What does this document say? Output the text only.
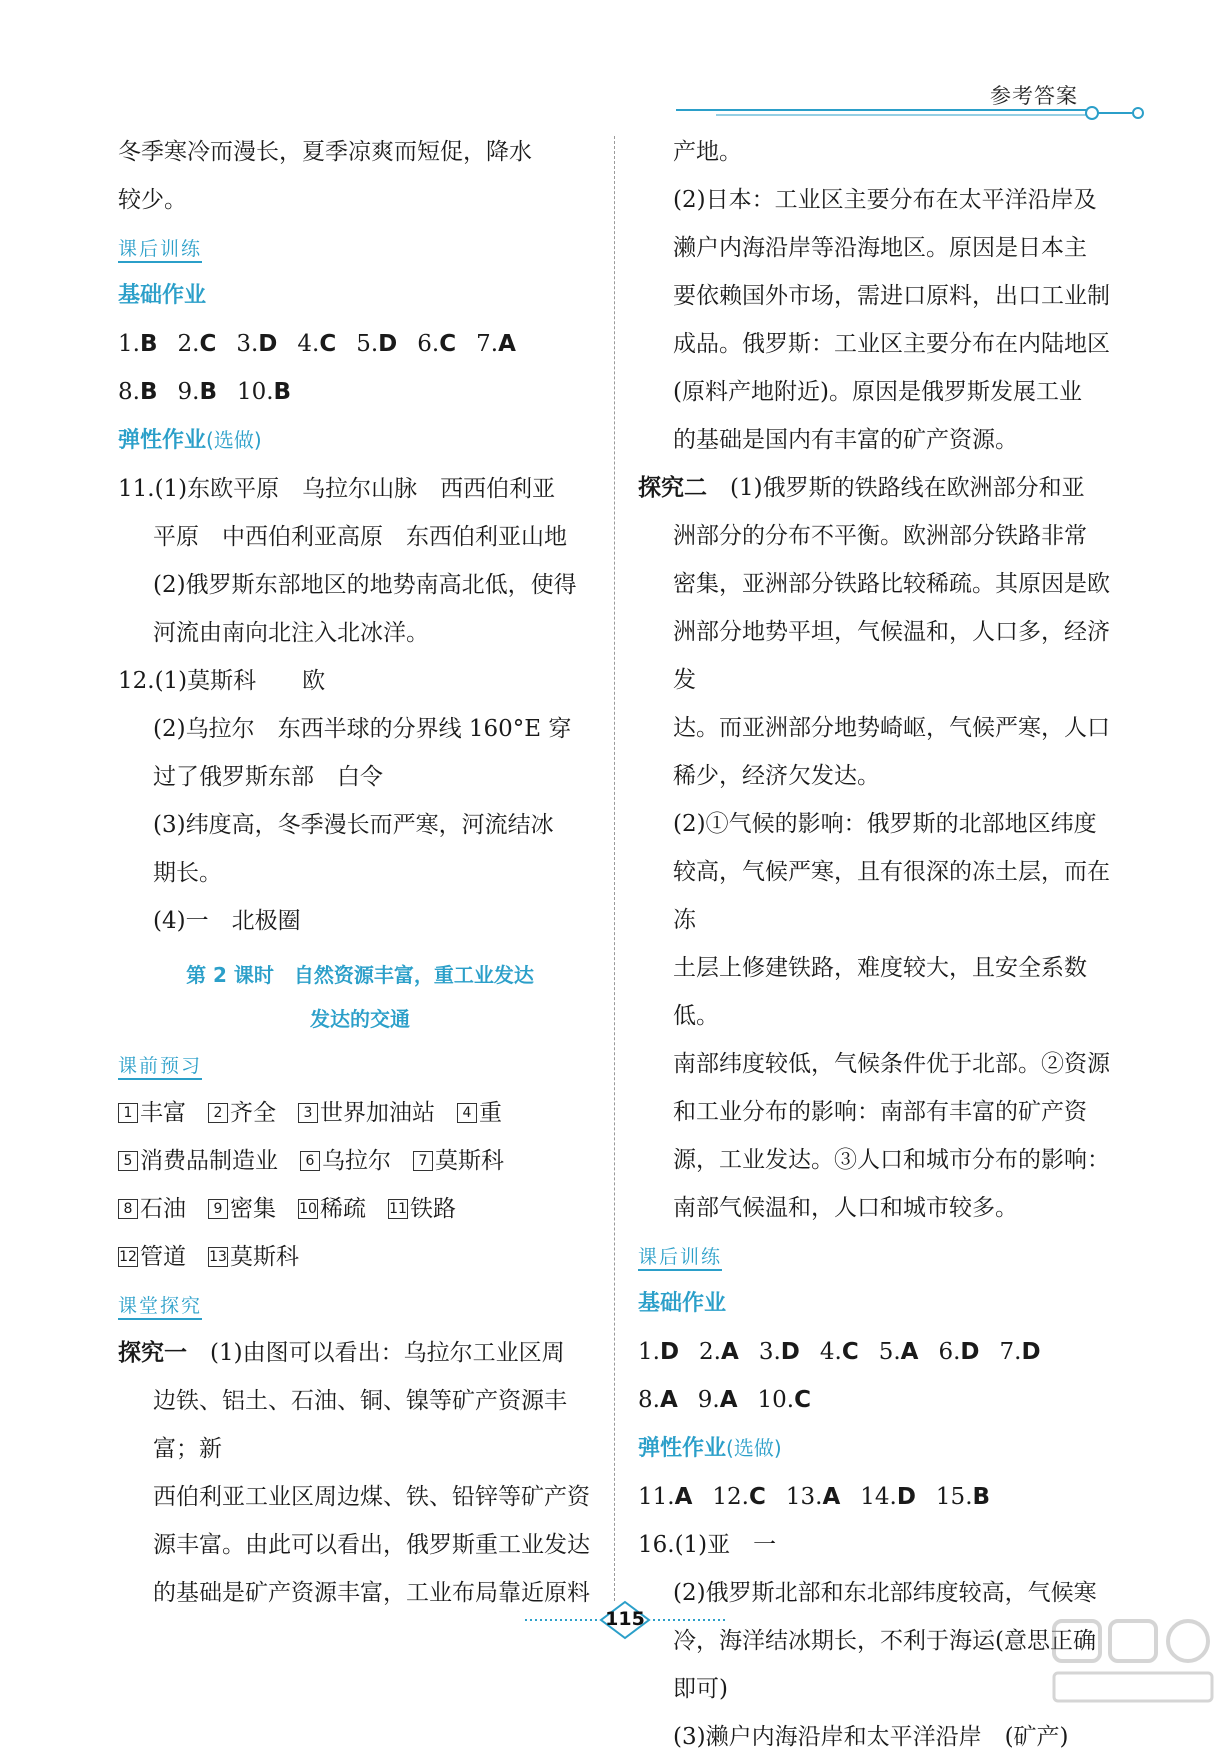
参考答案

冬季寒冷而漫长，夏季凉爽而短促，降水

较少。

课后训练

基础作业

1.B 2.C 3.D 4.C 5.D 6.C 7.A

8.B 9.B 10.B

弹性作业(选做)

11.(1)东欧平原　乌拉尔山脉　西西伯利亚

平原　中西伯利亚高原　东西伯利亚山地

(2)俄罗斯东部地区的地势南高北低，使得

河流由南向北注入北冰洋。

12.(1)莫斯科　　欧

(2)乌拉尔　东西半球的分界线 160°E 穿

过了俄罗斯东部　白令

(3)纬度高，冬季漫长而严寒，河流结冰

期长。

(4)一　北极圈

第 2 课时　自然资源丰富，重工业发达

发达的交通

课前预习

1 丰富 2 齐全 3 世界加油站 4 重

5 消费品制造业 6 乌拉尔 7 莫斯科

8 石油 9 密集 10 稀疏 11 铁路

12 管道 13 莫斯科

课堂探究

探究一　 (1)由图可以看出：乌拉尔工业区周

边铁、铝土、石油、铜、镍等矿产资源丰富；新

西伯利亚工业区周边煤、铁、铅锌等矿产资

源丰富。由此可以看出，俄罗斯重工业发达

的基础是矿产资源丰富，工业布局靠近原料

产地。

(2)日本：工业区主要分布在太平洋沿岸及

濑户内海沿岸等沿海地区。原因是日本主

要依赖国外市场，需进口原料，出口工业制

成品。俄罗斯：工业区主要分布在内陆地区

(原料产地附近)。原因是俄罗斯发展工业

的基础是国内有丰富的矿产资源。

探究二　 (1)俄罗斯的铁路线在欧洲部分和亚

洲部分的分布不平衡。欧洲部分铁路非常

密集，亚洲部分铁路比较稀疏。其原因是欧

洲部分地势平坦，气候温和，人口多，经济发

达。而亚洲部分地势崎岖，气候严寒，人口

稀少，经济欠发达。

(2)①气候的影响：俄罗斯的北部地区纬度

较高，气候严寒，且有很深的冻土层，而在冻

土层上修建铁路，难度较大，且安全系数低。

南部纬度较低，气候条件优于北部。②资源

和工业分布的影响：南部有丰富的矿产资

源，工业发达。③人口和城市分布的影响：

南部气候温和，人口和城市较多。

课后训练

基础作业

1.D 2.A 3.D 4.C 5.A 6.D 7.D

8.A 9.A 10.C

弹性作业(选做)

11.A 12.C 13.A 14.D 15.B

16.(1)亚　一

(2)俄罗斯北部和东北部纬度较高，气候寒

冷，海洋结冰期长，不利于海运(意思正确

即可)

(3)濑户内海沿岸和太平洋沿岸　(矿产)

115
